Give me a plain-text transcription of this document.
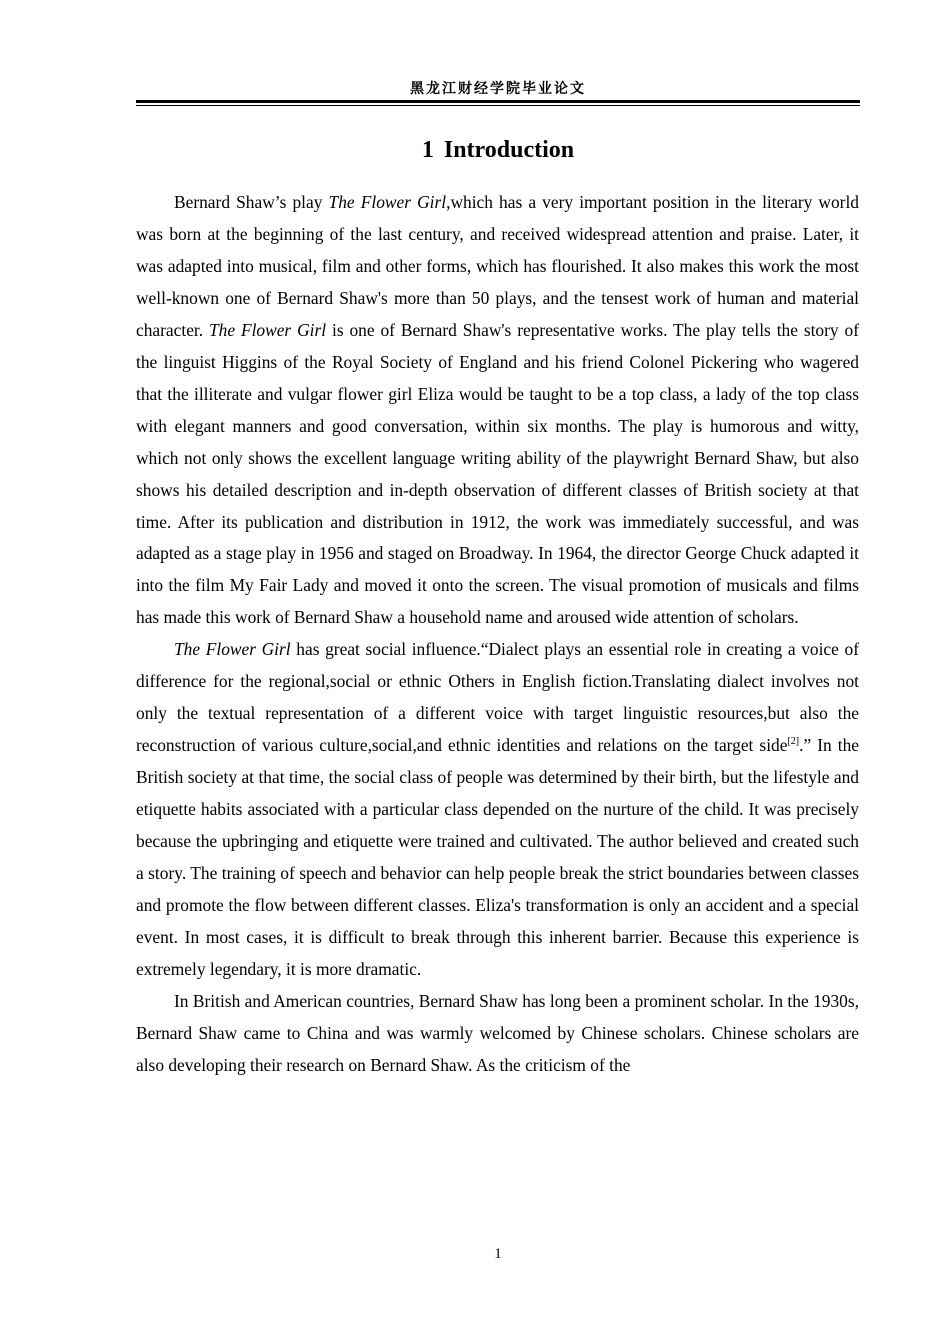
黑龙江财经学院毕业论文
1 Introduction

Bernard Shaw’s play The Flower Girl,which has a very important position in the literary world was born at the beginning of the last century, and received widespread attention and praise. Later, it was adapted into musical, film and other forms, which has flourished. It also makes this work the most well-known one of Bernard Shaw's more than 50 plays, and the tensest work of human and material character. The Flower Girl is one of Bernard Shaw's representative works. The play tells the story of the linguist Higgins of the Royal Society of England and his friend Colonel Pickering who wagered that the illiterate and vulgar flower girl Eliza would be taught to be a top class, a lady of the top class with elegant manners and good conversation, within six months. The play is humorous and witty, which not only shows the excellent language writing ability of the playwright Bernard Shaw, but also shows his detailed description and in-depth observation of different classes of British society at that time. After its publication and distribution in 1912, the work was immediately successful, and was adapted as a stage play in 1956 and staged on Broadway. In 1964, the director George Chuck adapted it into the film My Fair Lady and moved it onto the screen. The visual promotion of musicals and films has made this work of Bernard Shaw a household name and aroused wide attention of scholars.

The Flower Girl has great social influence.“Dialect plays an essential role in creating a voice of difference for the regional,social or ethnic Others in English fiction.Translating dialect involves not only the textual representation of a different voice with target linguistic resources,but also the reconstruction of various culture,social,and ethnic identities and relations on the target side[2].” In the British society at that time, the social class of people was determined by their birth, but the lifestyle and etiquette habits associated with a particular class depended on the nurture of the child. It was precisely because the upbringing and etiquette were trained and cultivated. The author believed and created such a story. The training of speech and behavior can help people break the strict boundaries between classes and promote the flow between different classes. Eliza's transformation is only an accident and a special event. In most cases, it is difficult to break through this inherent barrier. Because this experience is extremely legendary, it is more dramatic.

In British and American countries, Bernard Shaw has long been a prominent scholar. In the 1930s, Bernard Shaw came to China and was warmly welcomed by Chinese scholars. Chinese scholars are also developing their research on Bernard Shaw. As the criticism of the

1
